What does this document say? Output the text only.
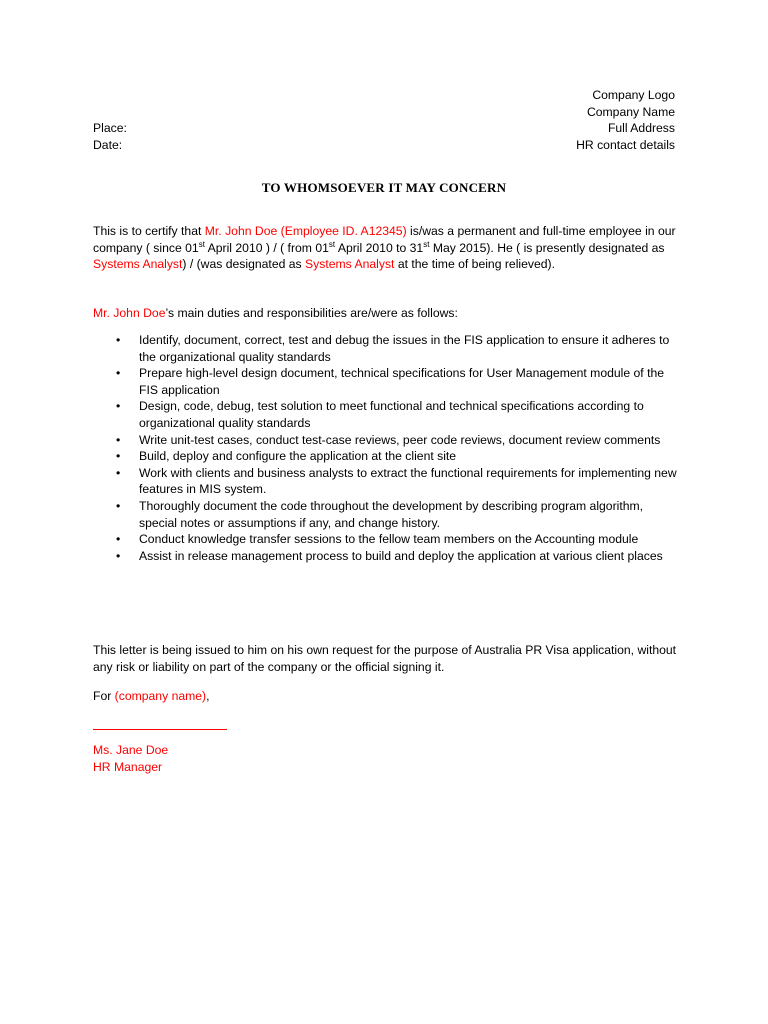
Company Logo
Company Name
Full Address
HR contact details
Place:
Date:
TO WHOMSOEVER IT MAY CONCERN
This is to certify that Mr. John Doe (Employee ID. A12345) is/was a permanent and full-time employee in our company ( since 01st April 2010 ) / ( from 01st April 2010 to 31st May 2015). He ( is presently designated as Systems Analyst) / (was designated as Systems Analyst at the time of being relieved).
Mr. John Doe’s main duties and responsibilities are/were as follows:
• Identify, document, correct, test and debug the issues in the FIS application to ensure it adheres to the organizational quality standards
• Prepare high-level design document, technical specifications for User Management module of the FIS application
• Design, code, debug, test solution to meet functional and technical specifications according to organizational quality standards
• Write unit-test cases, conduct test-case reviews, peer code reviews, document review comments
• Build, deploy and configure the application at the client site
• Work with clients and business analysts to extract the functional requirements for implementing new features in MIS system.
• Thoroughly document the code throughout the development by describing program algorithm, special notes or assumptions if any, and change history.
• Conduct knowledge transfer sessions to the fellow team members on the Accounting module
• Assist in release management process to build and deploy the application at various client places
This letter is being issued to him on his own request for the purpose of Australia PR Visa application, without any risk or liability on part of the company or the official signing it.
For (company name),
Ms. Jane Doe
HR Manager
